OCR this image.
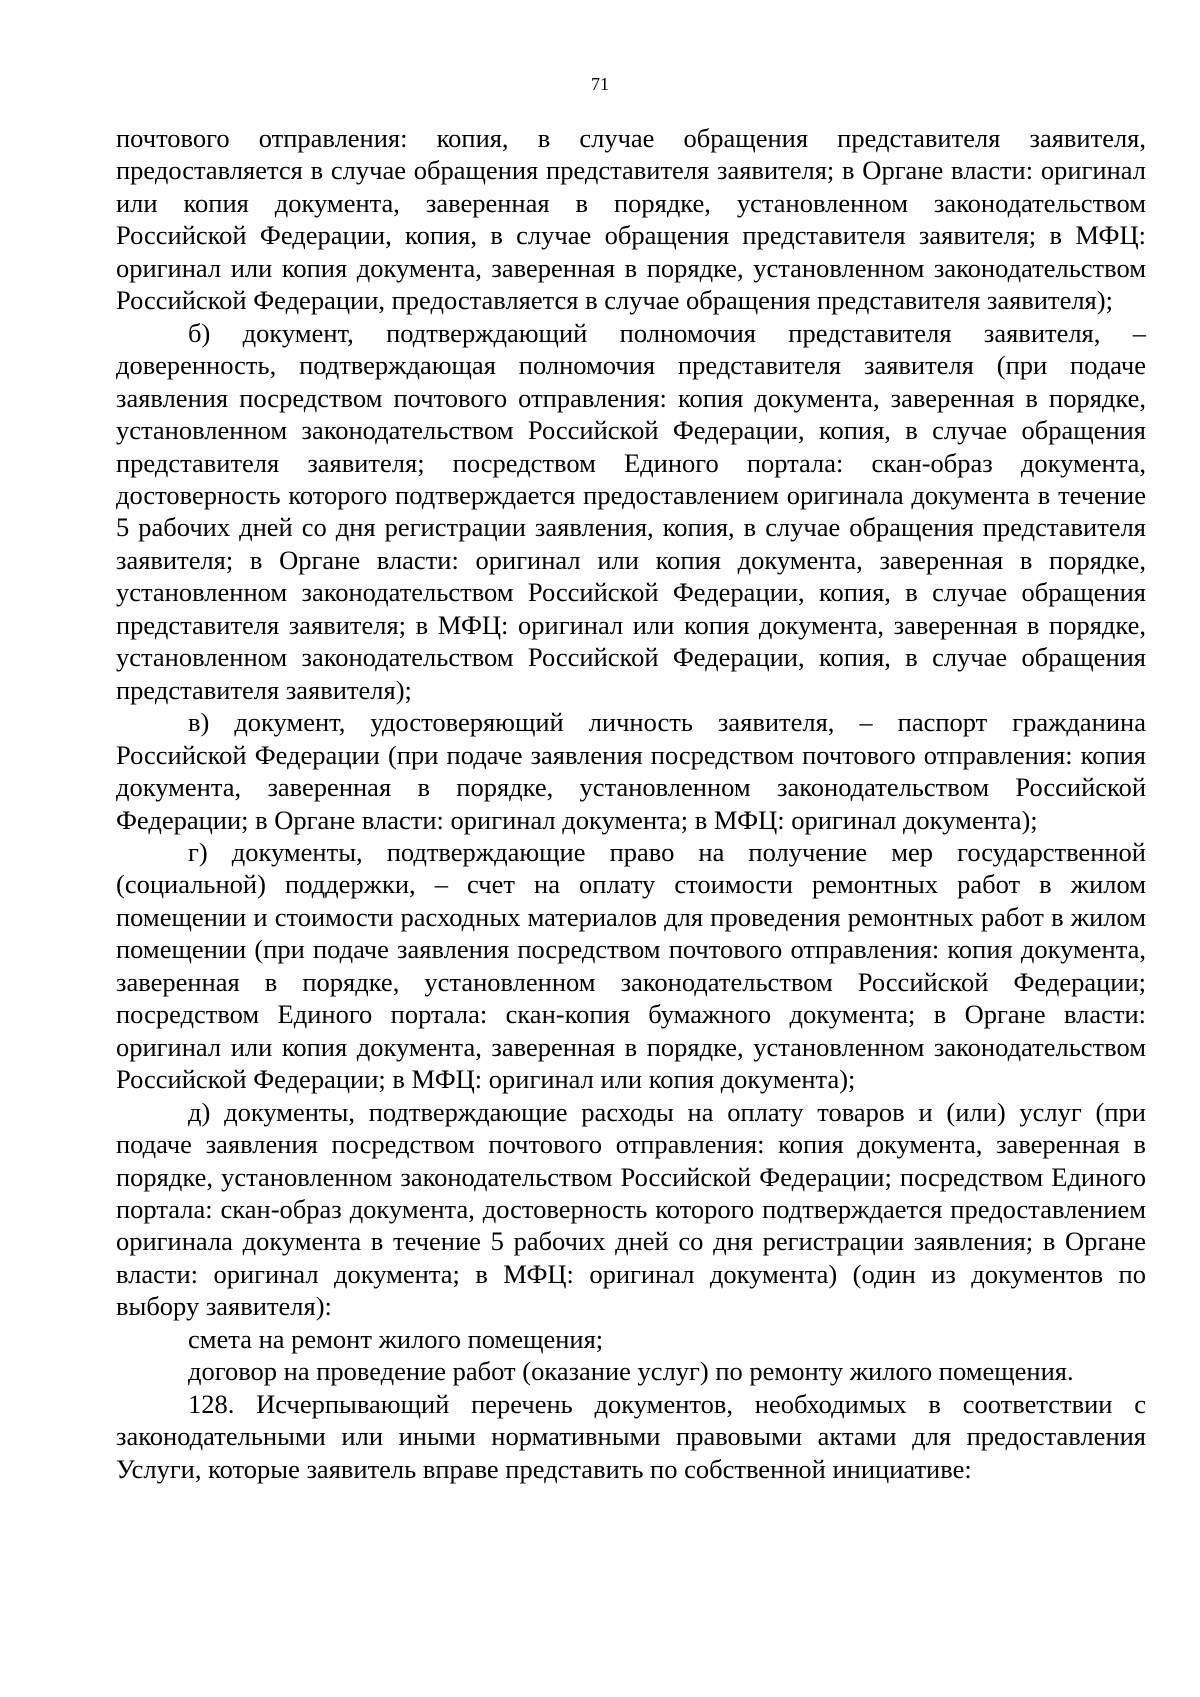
71

почтового отправления: копия, в случае обращения представителя заявителя, предоставляется в случае обращения представителя заявителя; в Органе власти: оригинал или копия документа, заверенная в порядке, установленном законодательством Российской Федерации, копия, в случае обращения представителя заявителя; в МФЦ: оригинал или копия документа, заверенная в порядке, установленном законодательством Российской Федерации, предоставляется в случае обращения представителя заявителя);

б) документ, подтверждающий полномочия представителя заявителя, – доверенность, подтверждающая полномочия представителя заявителя (при подаче заявления посредством почтового отправления: копия документа, заверенная в порядке, установленном законодательством Российской Федерации, копия, в случае обращения представителя заявителя; посредством Единого портала: скан-образ документа, достоверность которого подтверждается предоставлением оригинала документа в течение 5 рабочих дней со дня регистрации заявления, копия, в случае обращения представителя заявителя; в Органе власти: оригинал или копия документа, заверенная в порядке, установленном законодательством Российской Федерации, копия, в случае обращения представителя заявителя; в МФЦ: оригинал или копия документа, заверенная в порядке, установленном законодательством Российской Федерации, копия, в случае обращения представителя заявителя);

в) документ, удостоверяющий личность заявителя, – паспорт гражданина Российской Федерации (при подаче заявления посредством почтового отправления: копия документа, заверенная в порядке, установленном законодательством Российской Федерации; в Органе власти: оригинал документа; в МФЦ: оригинал документа);

г) документы, подтверждающие право на получение мер государственной (социальной) поддержки, – счет на оплату стоимости ремонтных работ в жилом помещении и стоимости расходных материалов для проведения ремонтных работ в жилом помещении (при подаче заявления посредством почтового отправления: копия документа, заверенная в порядке, установленном законодательством Российской Федерации; посредством Единого портала: скан-копия бумажного документа; в Органе власти: оригинал или копия документа, заверенная в порядке, установленном законодательством Российской Федерации; в МФЦ: оригинал или копия документа);

д) документы, подтверждающие расходы на оплату товаров и (или) услуг (при подаче заявления посредством почтового отправления: копия документа, заверенная в порядке, установленном законодательством Российской Федерации; посредством Единого портала: скан-образ документа, достоверность которого подтверждается предоставлением оригинала документа в течение 5 рабочих дней со дня регистрации заявления; в Органе власти: оригинал документа; в МФЦ: оригинал документа) (один из документов по выбору заявителя):

смета на ремонт жилого помещения;

договор на проведение работ (оказание услуг) по ремонту жилого помещения.

128. Исчерпывающий перечень документов, необходимых в соответствии с законодательными или иными нормативными правовыми актами для предоставления Услуги, которые заявитель вправе представить по собственной инициативе:
